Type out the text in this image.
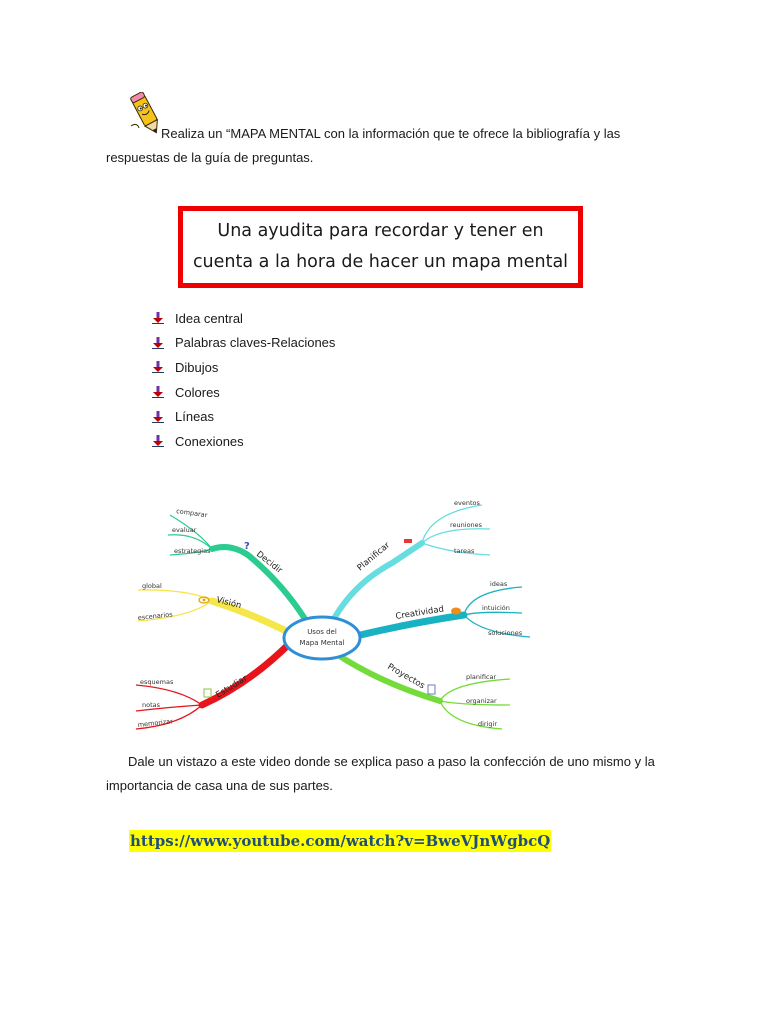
Realiza un “MAPA MENTAL con la información que te ofrece la bibliografía y las
respuestas de la guía de preguntas.
Una ayudita para recordar y tener en
cuenta a la hora de hacer un mapa mental
Idea central
Palabras claves-Relaciones
Dibujos
Colores
Líneas
Conexiones
Usos del
Mapa Mental
Decidir
Visión
Estudiar
Planificar
Creatividad
Proyectos
?
comparar
evaluar
estrategias
global
escenarios
esquemas
notas
memorizar
eventos
reuniones
tareas
ideas
intuición
soluciones
planificar
organizar
dirigir
Dale un vistazo a este video donde se explica paso a paso la confección de uno mismo y la
importancia de casa una de sus partes.
https://www.youtube.com/watch?v=BweVJnWgbcQ
